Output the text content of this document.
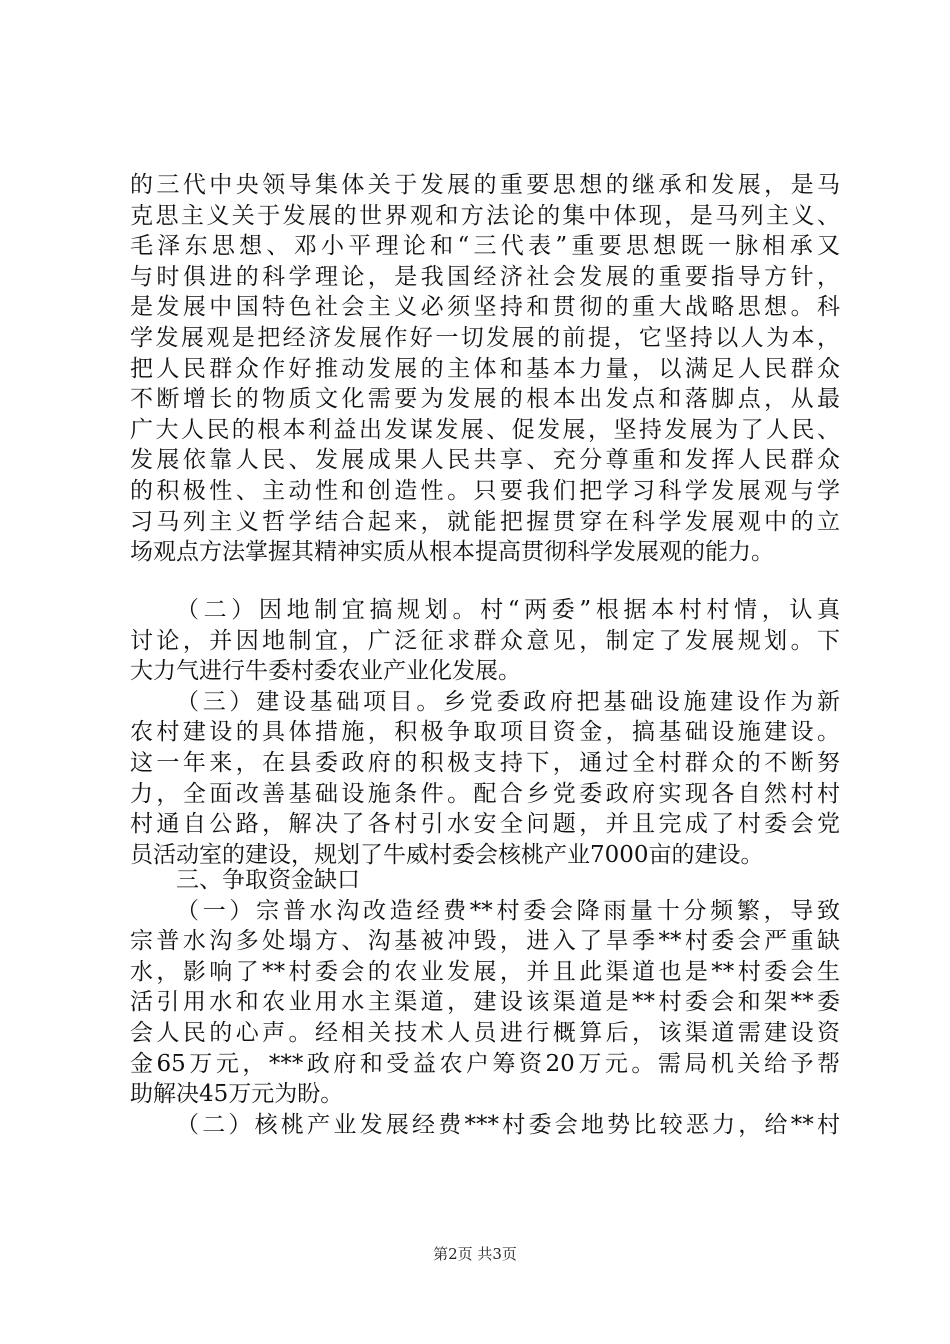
的三代中央领导集体关于发展的重要思想的继承和发展，是马
克思主义关于发展的世界观和方法论的集中体现，是马列主义、
毛泽东思想、邓小平理论和“三代表”重要思想既一脉相承又
与时俱进的科学理论，是我国经济社会发展的重要指导方针，
是发展中国特色社会主义必须坚持和贯彻的重大战略思想。科
学发展观是把经济发展作好一切发展的前提，它坚持以人为本，
把人民群众作好推动发展的主体和基本力量，以满足人民群众
不断增长的物质文化需要为发展的根本出发点和落脚点，从最
广大人民的根本利益出发谋发展、促发展，坚持发展为了人民、
发展依靠人民、发展成果人民共享、充分尊重和发挥人民群众
的积极性、主动性和创造性。只要我们把学习科学发展观与学
习马列主义哲学结合起来，就能把握贯穿在科学发展观中的立
场观点方法掌握其精神实质从根本提高贯彻科学发展观的能力。
（二）因地制宜搞规划。村“两委”根据本村村情，认真
讨论，并因地制宜，广泛征求群众意见，制定了发展规划。下
大力气进行牛委村委农业产业化发展。
（三）建设基础项目。乡党委政府把基础设施建设作为新
农村建设的具体措施，积极争取项目资金，搞基础设施建设。
这一年来，在县委政府的积极支持下，通过全村群众的不断努
力，全面改善基础设施条件。配合乡党委政府实现各自然村村
村通自公路，解决了各村引水安全问题，并且完成了村委会党
员活动室的建设，规划了牛威村委会核桃产业7000亩的建设。
三、争取资金缺口
（一）宗普水沟改造经费**村委会降雨量十分频繁，导致
宗普水沟多处塌方、沟基被冲毁，进入了旱季**村委会严重缺
水，影响了**村委会的农业发展，并且此渠道也是**村委会生
活引用水和农业用水主渠道，建设该渠道是**村委会和架**委
会人民的心声。经相关技术人员进行概算后，该渠道需建设资
金65万元，***政府和受益农户筹资20万元。需局机关给予帮
助解决45万元为盼。
（二）核桃产业发展经费***村委会地势比较恶力，给**村
第2页 共3页
